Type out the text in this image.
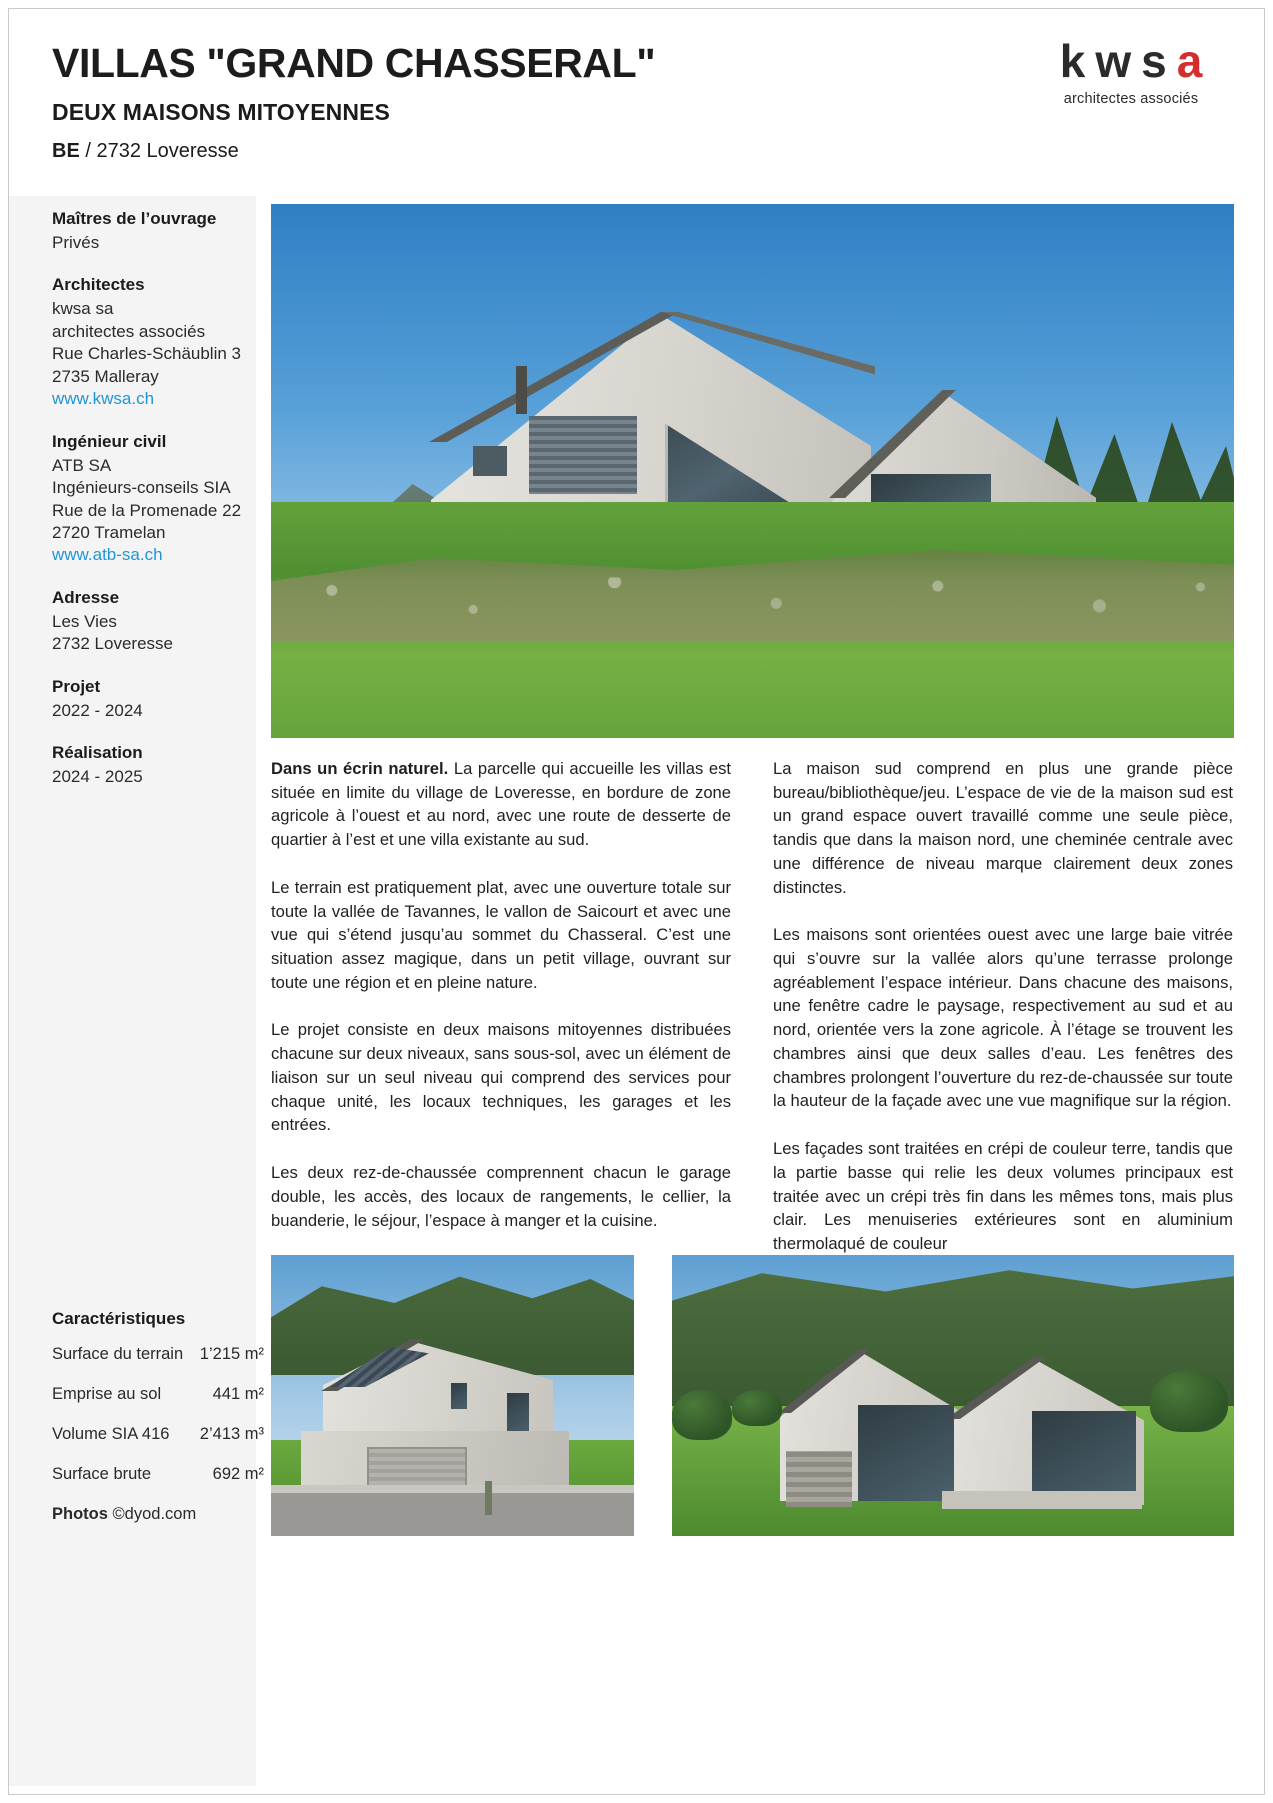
VILLAS "GRAND CHASSERAL"
DEUX MAISONS MITOYENNES
BE / 2732 Loveresse
kwsa
architectes associés
Maîtres de l’ouvrage
Privés
Architectes
kwsa sa
architectes associés
Rue Charles-Schäublin 3
2735 Malleray
www.kwsa.ch
Ingénieur civil
ATB SA
Ingénieurs-conseils SIA
Rue de la Promenade 22
2720 Tramelan
www.atb-sa.ch
Adresse
Les Vies
2732 Loveresse
Projet
2022 - 2024
Réalisation
2024 - 2025
Caractéristiques
Surface du terrain 1’215 m²
Emprise au sol	441 m²
Volume SIA 416 2’413 m³
Surface brute	692 m²
Photos ©dyod.com

Dans un écrin naturel. La parcelle qui accueille les villas est située en limite du village de Loveresse, en bordure de zone agricole à l’ouest et au nord, avec une route de desserte de quartier à l’est et une villa existante au sud.

Le terrain est pratiquement plat, avec une ouverture totale sur toute la vallée de Tavannes, le vallon de Saicourt et avec une vue qui s’étend jusqu’au sommet du Chasseral. C’est une situation assez magique, dans un petit village, ouvrant sur toute une région et en pleine nature.

Le projet consiste en deux maisons mitoyennes distribuées chacune sur deux niveaux, sans sous-sol, avec un élément de liaison sur un seul niveau qui comprend des services pour chaque unité, les locaux techniques, les garages et les entrées.

Les deux rez-de-chaussée comprennent chacun le garage double, les accès, des locaux de rangements, le cellier, la buanderie, le séjour, l’espace à manger et la cuisine.

La maison sud comprend en plus une grande pièce bureau/bibliothèque/jeu. L’espace de vie de la maison sud est un grand espace ouvert travaillé comme une seule pièce, tandis que dans la maison nord, une cheminée centrale avec une différence de niveau marque clairement deux zones distinctes.

Les maisons sont orientées ouest avec une large baie vitrée qui s’ouvre sur la vallée alors qu’une terrasse prolonge agréablement l’espace intérieur. Dans chacune des maisons, une fenêtre cadre le paysage, respectivement au sud et au nord, orientée vers la zone agricole. À l’étage se trouvent les chambres ainsi que deux salles d’eau. Les fenêtres des chambres prolongent l’ouverture du rez-de-chaussée sur toute la hauteur de la façade avec une vue magnifique sur la région.

Les façades sont traitées en crépi de couleur terre, tandis que la partie basse qui relie les deux volumes principaux est traitée avec un crépi très fin dans les mêmes tons, mais plus clair. Les menuiseries extérieures sont en aluminium thermolaqué de couleur
